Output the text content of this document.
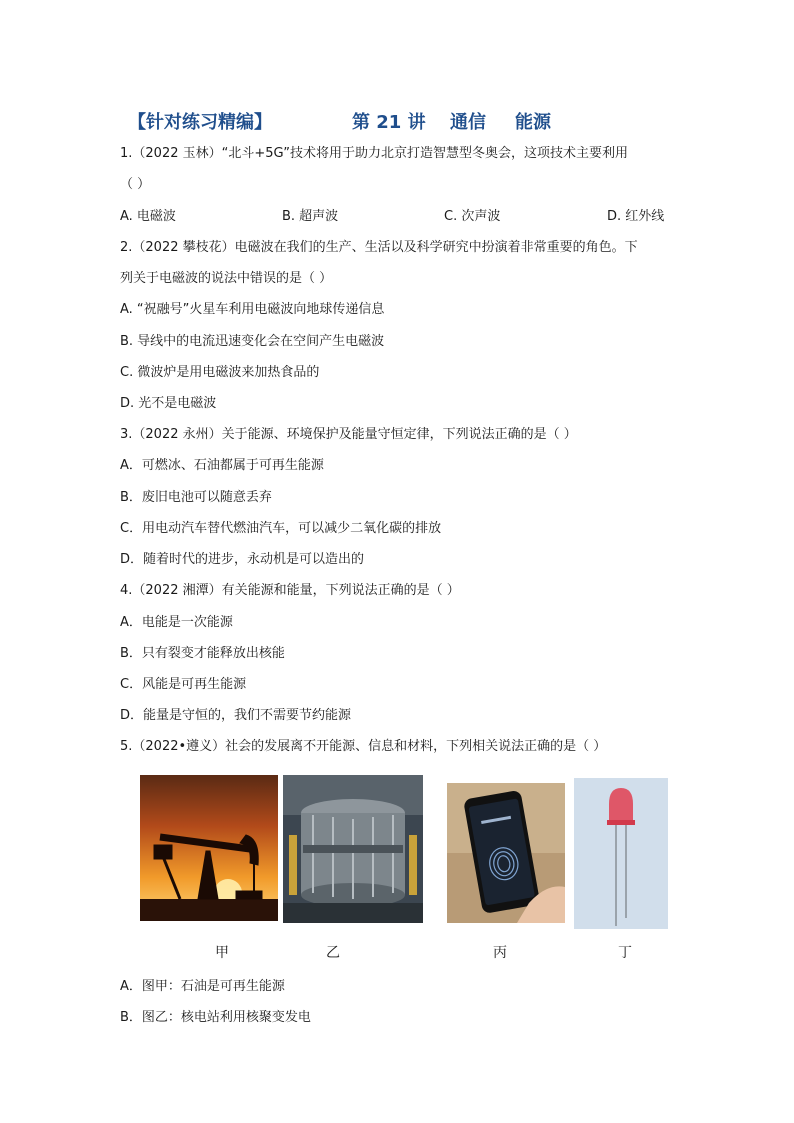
【针对练习精编】	第 21 讲 通信 能源
1.（2022 玉林）“北斗+5G”技术将用于助力北京打造智慧型冬奥会，这项技术主要利用
（ ）
A. 电磁波	B. 超声波	C. 次声波	D. 红外线
2.（2022 攀枝花）电磁波在我们的生产、生活以及科学研究中扮演着非常重要的角色。下
列关于电磁波的说法中错误的是（ ）
A. “祝融号”火星车利用电磁波向地球传递信息
B. 导线中的电流迅速变化会在空间产生电磁波
C. 微波炉是用电磁波来加热食品的
D. 光不是电磁波
3.（2022 永州）关于能源、环境保护及能量守恒定律，下列说法正确的是（ ）
A．可燃冰、石油都属于可再生能源
B．废旧电池可以随意丢弃
C．用电动汽车替代燃油汽车，可以减少二氧化碳的排放
D．随着时代的进步，永动机是可以造出的
4.（2022 湘潭）有关能源和能量，下列说法正确的是（ ）
A．电能是一次能源
B．只有裂变才能释放出核能
C．风能是可再生能源
D．能量是守恒的，我们不需要节约能源
5.（2022•遵义）社会的发展离不开能源、信息和材料，下列相关说法正确的是（ ）
甲	乙	丙	丁
A．图甲：石油是可再生能源
B．图乙：核电站利用核聚变发电
